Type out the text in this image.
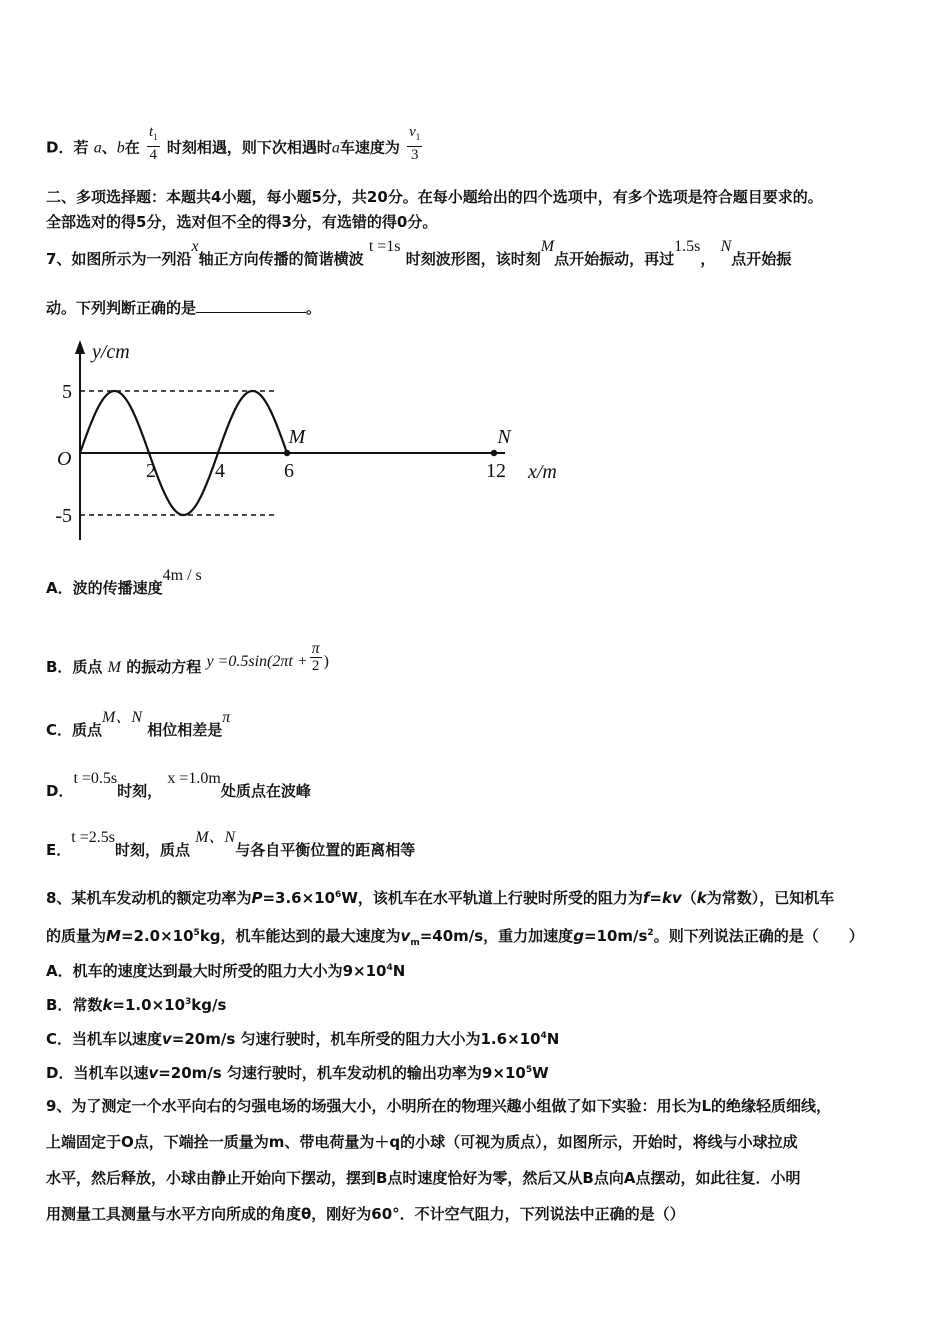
D．若 a、b在 $\frac{t_1}{4}$ 时刻相遇，则下次相遇时a车速度为 $\frac{v_1}{3}$
二、多项选择题：本题共4小题，每小题5分，共20分。在每小题给出的四个选项中，有多个选项是符合题目要求的。
全部选对的得5分，选对但不全的得3分，有选错的得0分。
7、如图所示为一列沿x轴正方向传播的简谐横波 t =1s 时刻波形图，该时刻M点开始振动，再过1.5s， N点开始振
动。下列判断正确的是	。
y/cm
x/m
O
5
-5
2	4	6	12
M	N
A．波的传播速度4m / s
B．质点 M 的振动方程 $y =0.5\sin(2\pi t + \frac{\pi}{2}$ )
C．质点M、N 相位相差是π
D．t =0.5s时刻， x =1.0m处质点在波峰
E．t =2.5s时刻，质点 M、N与各自平衡位置的距离相等
8、某机车发动机的额定功率为$P=3.6\times 10^6W$，该机车在水平轨道上行驶时所受的阻力为f=kv（k为常数），已知机车
的质量为$M=2.0\times 10^5kg$，机车能达到的最大速度为$v_m=40m/s$，重力加速度$g=10m/s^2$。则下列说法正确的是（　　）
A．机车的速度达到最大时所受的阻力大小为$9\times 10^4N$
B．常数$k=1.0\times 10^3kg/s$
C．当机车以速度v=20m/s 匀速行驶时，机车所受的阻力大小为$1.6\times 10^4N$
D．当机车以速v=20m/s 匀速行驶时，机车发动机的输出功率为$9\times 10^5W$
9、为了测定一个水平向右的匀强电场的场强大小，小明所在的物理兴趣小组做了如下实验：用长为L的绝缘轻质细线，
上端固定于O点，下端拴一质量为m、带电荷量为＋q的小球（可视为质点），如图所示，开始时，将线与小球拉成
水平，然后释放，小球由静止开始向下摆动，摆到B点时速度恰好为零，然后又从B点向A点摆动，如此往复．小明
用测量工具测量与水平方向所成的角度θ，刚好为60°．不计空气阻力，下列说法中正确的是（）
